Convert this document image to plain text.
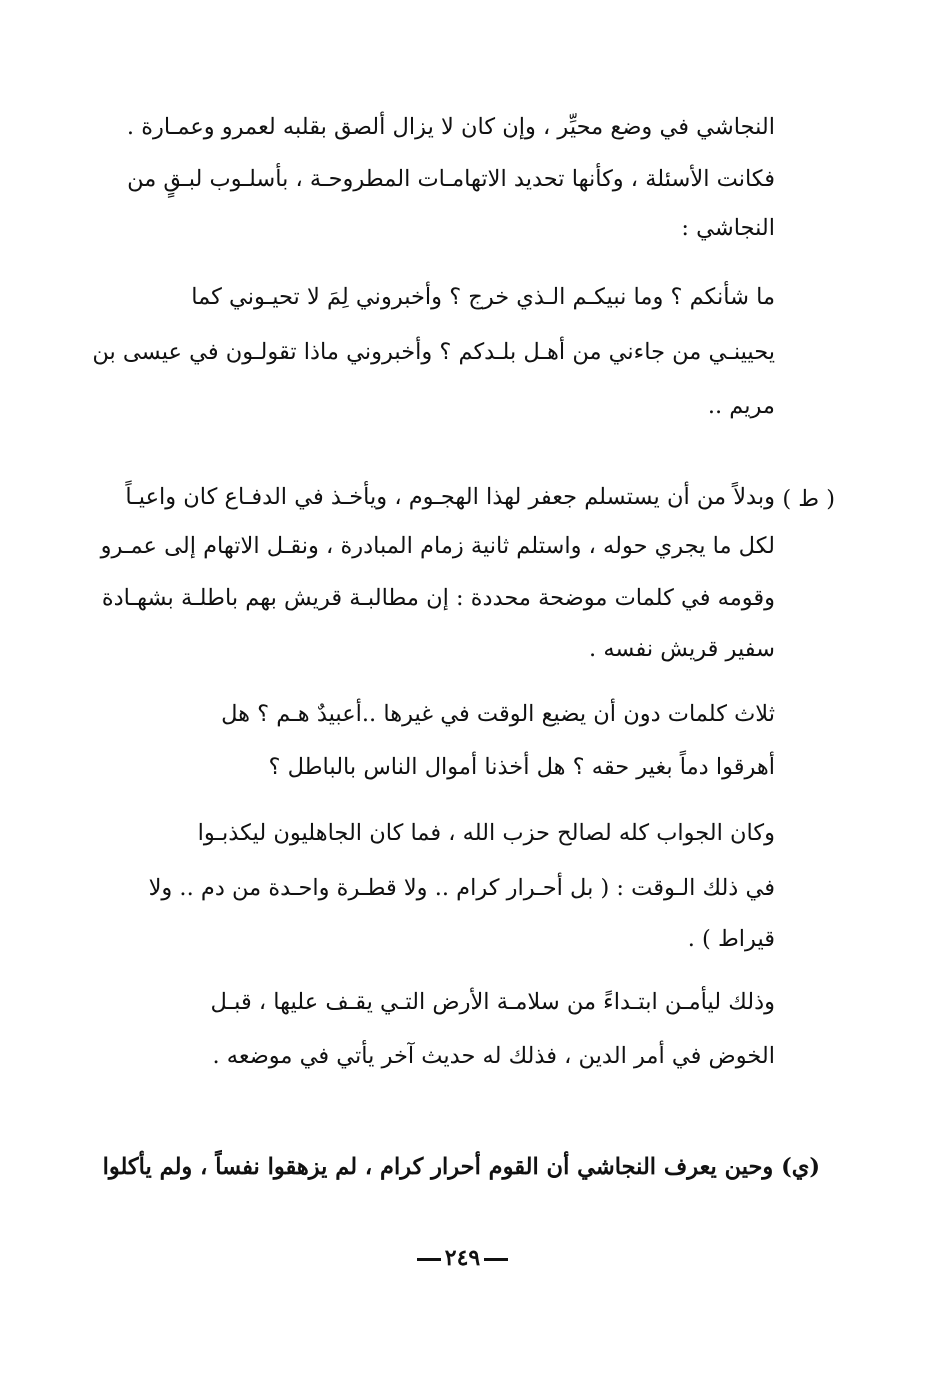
النجاشي في وضع محيِّر ، وإن كان لا يزال ألصق بقلبه لعمرو وعمـارة .
فكانت الأسئلة ، وكأنها تحديد الاتهامـات المطروحـة ، بأسلـوب لبـقٍ من
النجاشي :
ما شأنكم ؟ وما نبيكـم الـذي خرج ؟ وأخبروني لِمَ لا تحيـوني كما
يحيينـي من جاءني من أهـل بلـدكم ؟ وأخبروني ماذا تقولـون في عيسى بن
مريم ..
( ط )
وبدلاً من أن يستسلم جعفر لهذا الهجـوم ، ويأخـذ في الدفـاع كان واعيـاً
لكل ما يجري حوله ، واستلم ثانية زمام المبادرة ، ونقـل الاتهام إلى عمـرو
وقومه في كلمات موضحة محددة : إن مطالبـة قريش بهم باطلـة بشهـادة
سفير قريش نفسه .
ثلاث كلمات دون أن يضيع الوقت في غيرها ..أعبيدٌ هـم ؟ هل
أهرقوا دماً بغير حقه ؟ هل أخذنا أموال الناس بالباطل ؟
وكان الجواب كله لصالح حزب الله ، فما كان الجاهليون ليكذبـوا
في ذلك الـوقت : ( بل أحـرار كرام .. ولا قطـرة واحـدة من دم .. ولا
قيراط ) .
وذلك ليأمـن ابتـداءً من سلامـة الأرض التـي يقـف عليها ، قبـل
الخوض في أمر الدين ، فذلك له حديث آخر يأتي في موضعه .
(ي) وحين يعرف النجاشي أن القوم أحرار كرام ، لم يزهقوا نفساً ، ولم يأكلوا
٢٤٩
